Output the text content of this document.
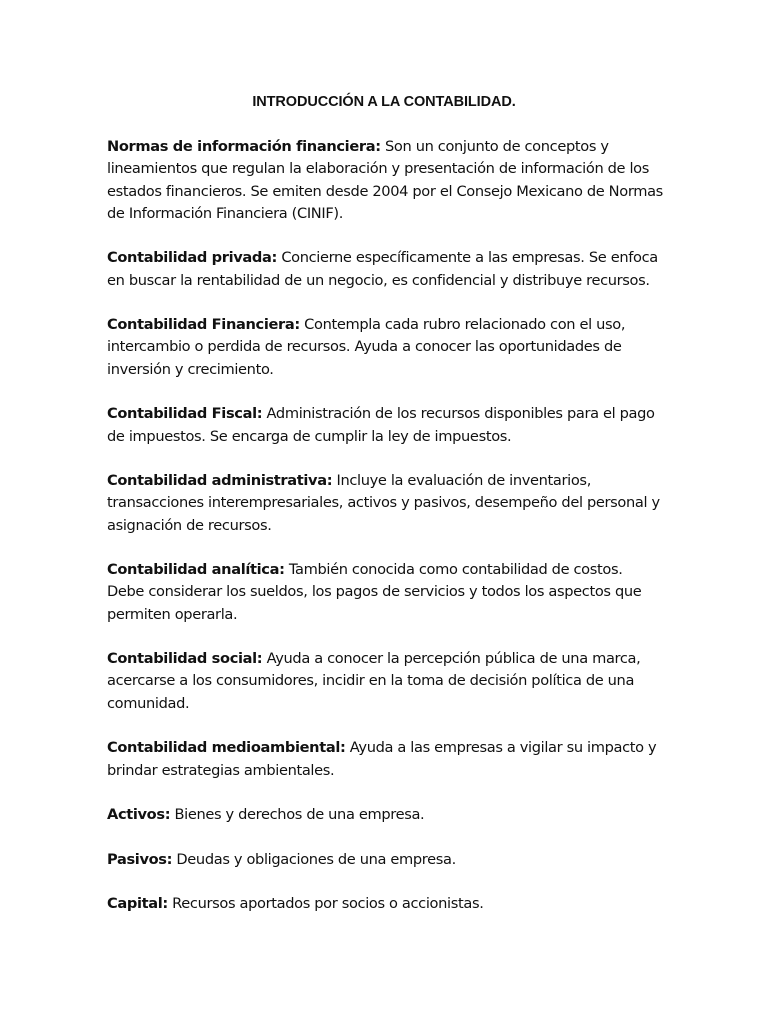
INTRODUCCIÓN A LA CONTABILIDAD.

Normas de información financiera: Son un conjunto de conceptos y lineamientos que regulan la elaboración y presentación de información de los estados financieros. Se emiten desde 2004 por el Consejo Mexicano de Normas de Información Financiera (CINIF).

Contabilidad privada: Concierne específicamente a las empresas. Se enfoca en buscar la rentabilidad de un negocio, es confidencial y distribuye recursos.

Contabilidad Financiera: Contempla cada rubro relacionado con el uso, intercambio o perdida de recursos. Ayuda a conocer las oportunidades de inversión y crecimiento.

Contabilidad Fiscal: Administración de los recursos disponibles para el pago de impuestos. Se encarga de cumplir la ley de impuestos.

Contabilidad administrativa: Incluye la evaluación de inventarios, transacciones interempresariales, activos y pasivos, desempeño del personal y asignación de recursos.

Contabilidad analítica: También conocida como contabilidad de costos. Debe considerar los sueldos, los pagos de servicios y todos los aspectos que permiten operarla.

Contabilidad social: Ayuda a conocer la percepción pública de una marca, acercarse a los consumidores, incidir en la toma de decisión política de una comunidad.

Contabilidad medioambiental: Ayuda a las empresas a vigilar su impacto y brindar estrategias ambientales.

Activos: Bienes y derechos de una empresa.

Pasivos: Deudas y obligaciones de una empresa.

Capital: Recursos aportados por socios o accionistas.
